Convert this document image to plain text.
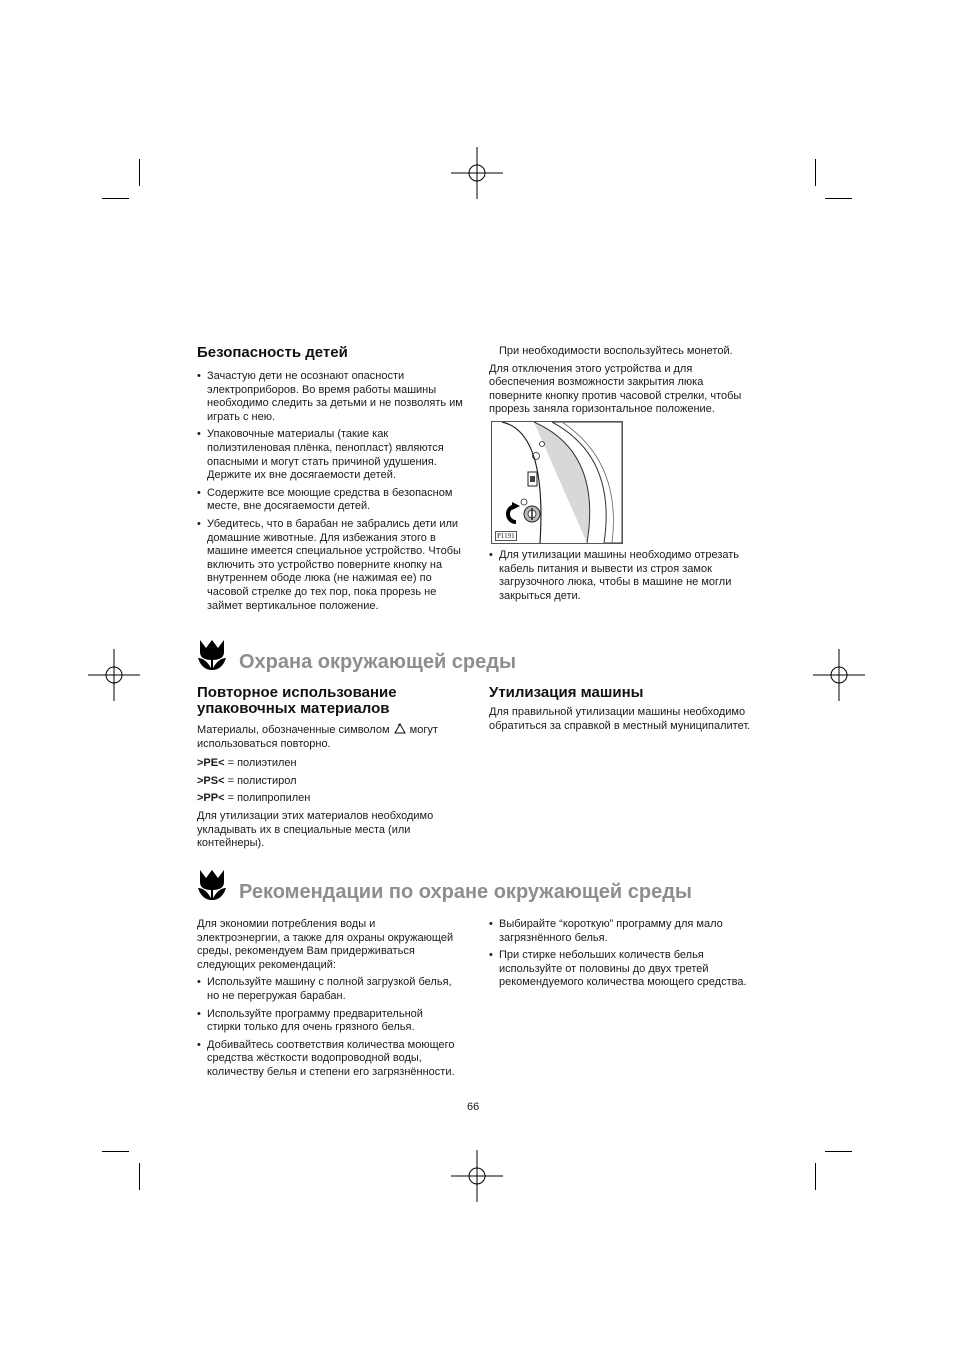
Безопасность детей
• Зачастую дети не осознают опасности электроприборов. Во время работы машины необходимо следить за детьми и не позволять им играть с нею.
• Упаковочные материалы (такие как полиэтиленовая плёнка, пенопласт) являются опасными и могут стать причиной удушения. Держите их вне досягаемости детей.
• Содержите все моющие средства в безопасном месте, вне досягаемости детей.
• Убедитесь, что в барабан не забрались дети или домашние животные. Для избежания этого в машине имеется специальное устройство. Чтобы включить это устройство поверните кнопку на внутреннем ободе люка (не нажимая ее) по часовой стрелке до тех пор, пока прорезь не займет вертикальное положение.
При необходимости воспользуйтесь монетой.
Для отключения этого устройства и для обеспечения возможности закрытия люка поверните кнопку против часовой стрелки, чтобы прорезь заняла горизонтальное положение.
P1191
• Для утилизации машины необходимо отрезать кабель питания и вывести из строя замок загрузочного люка, чтобы в машине не могли закрыться дети.
Охрана окружающей среды
Повторное использование упаковочных материалов
Материалы, обозначенные символом могут использоваться повторно.
>PE< = полиэтилен
>PS< = полистирол
>PP< = полипропилен
Для утилизации этих материалов необходимо укладывать их в специальные места (или контейнеры).
Утилизация машины
Для правильной утилизации машины необходимо обратиться за справкой в местный муниципалитет.
Рекомендации по охране окружающей среды
Для экономии потребления воды и электроэнергии, а также для охраны окружающей среды, рекомендуем Вам придерживаться следующих рекомендаций:
• Используйте машину с полной загрузкой белья, но не перегружая барабан.
• Используйте программу предварительной стирки только для очень грязного белья.
• Добивайтесь соответствия количества моющего средства жёсткости водопроводной воды, количеству белья и степени его загрязнённости.
• Выбирайте “короткую” программу для мало загрязнённого белья.
• При стирке небольших количеств белья используйте от половины до двух третей рекомендуемого количества моющего средства.
66
